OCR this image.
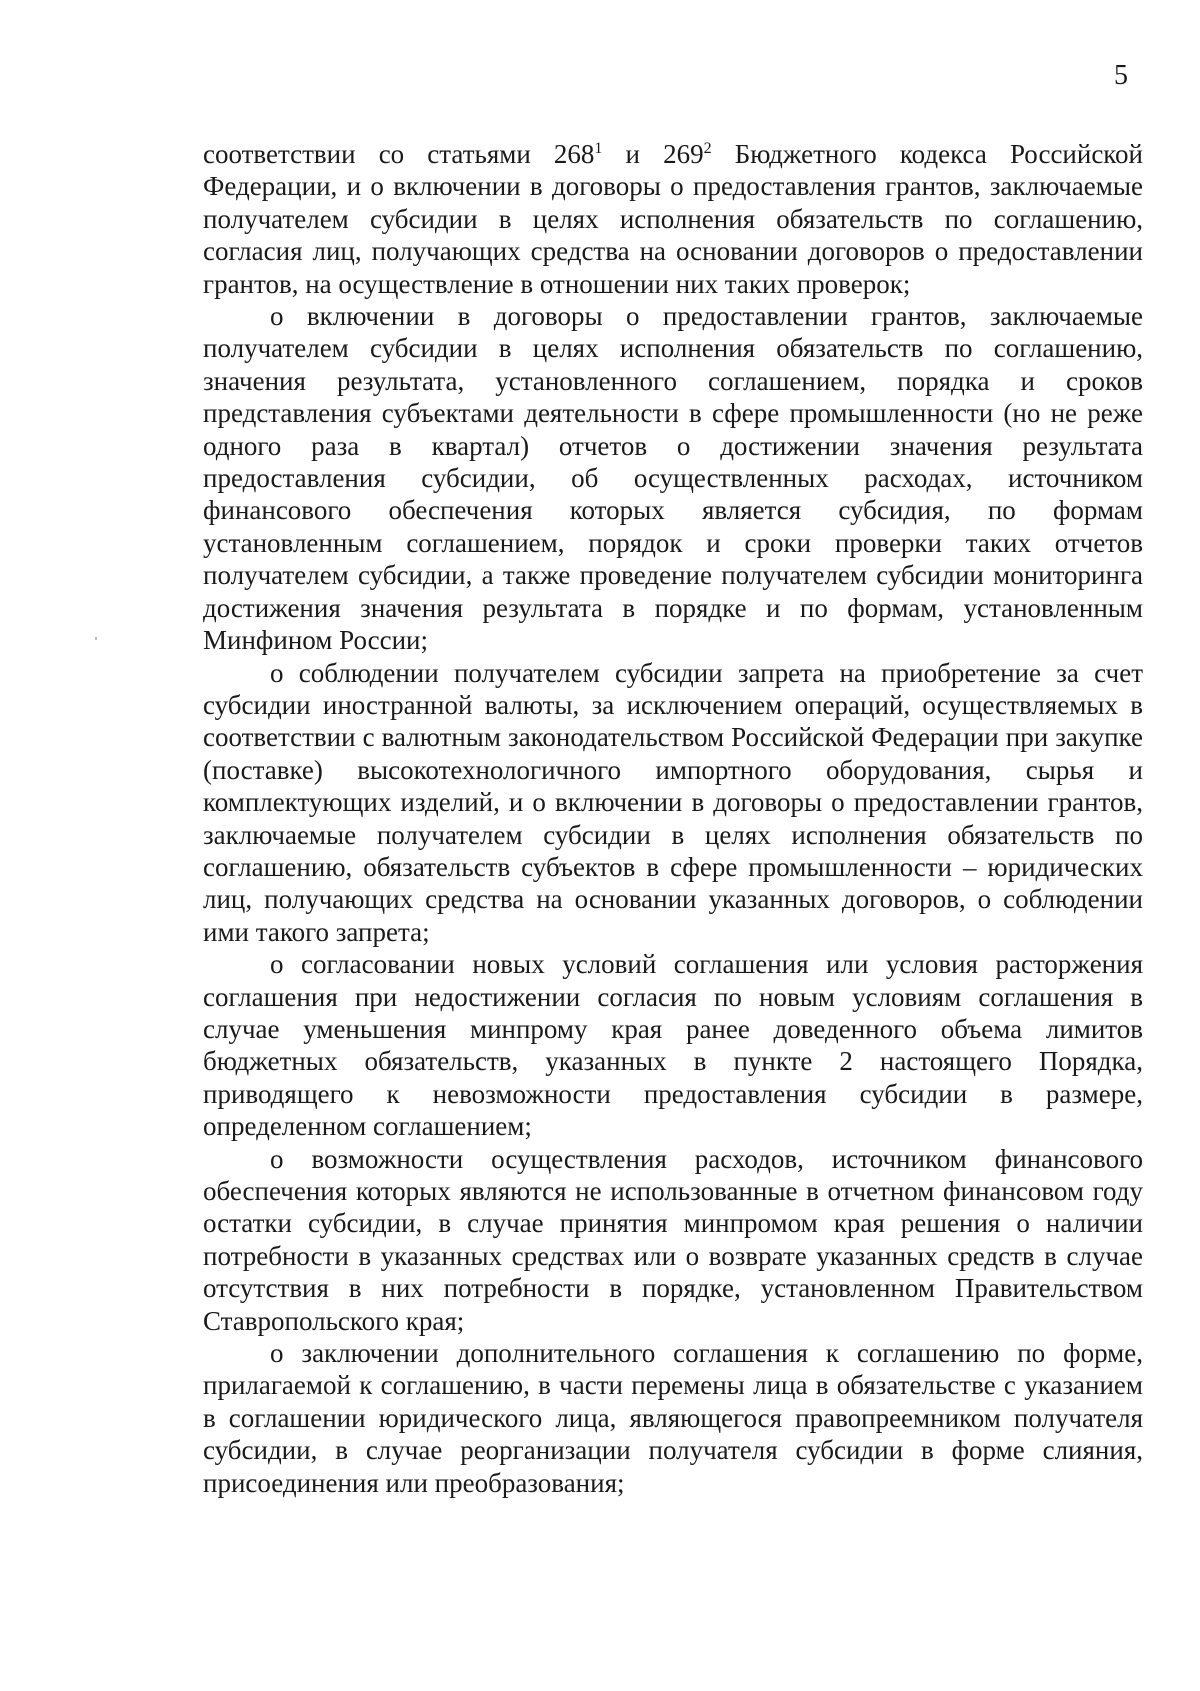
5

соответствии со статьями $268^1$ и $269^2$ Бюджетного кодекса Российской Федерации, и о включении в договоры о предоставления грантов, заключаемые получателем субсидии в целях исполнения обязательств по соглашению, согласия лиц, получающих средства на основании договоров о предоставлении грантов, на осуществление в отношении них таких проверок;

о включении в договоры о предоставлении грантов, заключаемые получателем субсидии в целях исполнения обязательств по соглашению, значения результата, установленного соглашением, порядка и сроков представления субъектами деятельности в сфере промышленности (но не реже одного раза в квартал) отчетов о достижении значения результата предоставления субсидии, об осуществленных расходах, источником финансового обеспечения которых является субсидия, по формам установленным соглашением, порядок и сроки проверки таких отчетов получателем субсидии, а также проведение получателем субсидии мониторинга достижения значения результата в порядке и по формам, установленным Минфином России;

о соблюдении получателем субсидии запрета на приобретение за счет субсидии иностранной валюты, за исключением операций, осуществляемых в соответствии с валютным законодательством Российской Федерации при закупке (поставке) высокотехнологичного импортного оборудования, сырья и комплектующих изделий, и о включении в договоры о предоставлении грантов, заключаемые получателем субсидии в целях исполнения обязательств по соглашению, обязательств субъектов в сфере промышленности – юридических лиц, получающих средства на основании указанных договоров, о соблюдении ими такого запрета;

о согласовании новых условий соглашения или условия расторжения соглашения при недостижении согласия по новым условиям соглашения в случае уменьшения минпрому края ранее доведенного объема лимитов бюджетных обязательств, указанных в пункте 2 настоящего Порядка, приводящего к невозможности предоставления субсидии в размере, определенном соглашением;

о возможности осуществления расходов, источником финансового обеспечения которых являются не использованные в отчетном финансовом году остатки субсидии, в случае принятия минпромом края решения о наличии потребности в указанных средствах или о возврате указанных средств в случае отсутствия в них потребности в порядке, установленном Правительством Ставропольского края;

о заключении дополнительного соглашения к соглашению по форме, прилагаемой к соглашению, в части перемены лица в обязательстве с указанием в соглашении юридического лица, являющегося правопреемником получателя субсидии, в случае реорганизации получателя субсидии в форме слияния, присоединения или преобразования;
